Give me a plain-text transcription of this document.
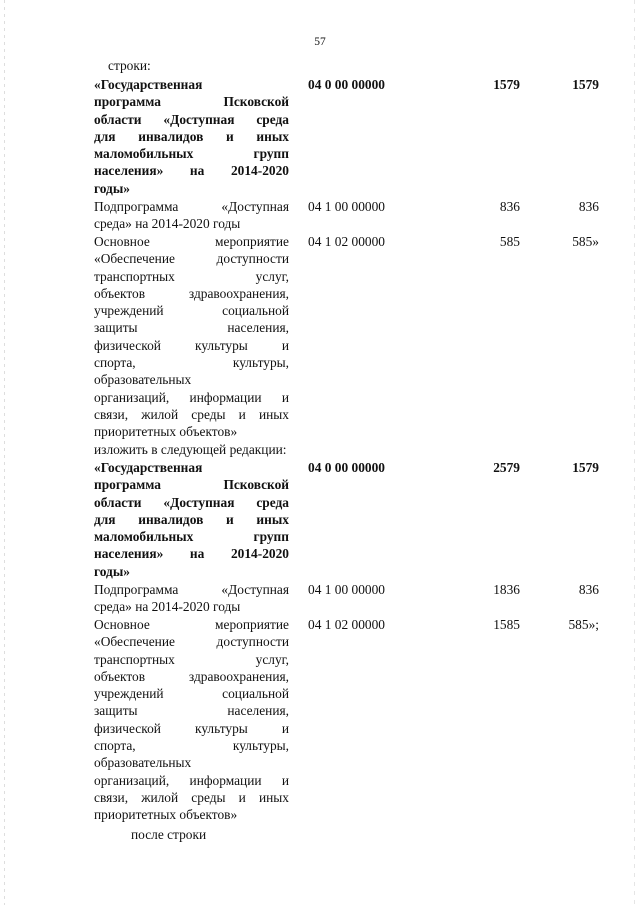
57
строки:
«Государственная
программа Псковской
области «Доступная среда
для инвалидов и иных
маломобильных групп
населения» на 2014-2020
годы»
04 0 00 00000	1579	1579
Подпрограмма «Доступная
среда» на 2014-2020 годы
04 1 00 00000	836	836
Основное мероприятие
«Обеспечение доступности
транспортных услуг,
объектов здравоохранения,
учреждений социальной
защиты населения,
физической культуры и
спорта, культуры,
образовательных
организаций, информации и
связи, жилой среды и иных
приоритетных объектов»
04 1 02 00000	585	585»
изложить в следующей редакции:
«Государственная
программа Псковской
области «Доступная среда
для инвалидов и иных
маломобильных групп
населения» на 2014-2020
годы»
04 0 00 00000	2579	1579
Подпрограмма «Доступная
среда» на 2014-2020 годы
04 1 00 00000	1836	836
Основное мероприятие
«Обеспечение доступности
транспортных услуг,
объектов здравоохранения,
учреждений социальной
защиты населения,
физической культуры и
спорта, культуры,
образовательных
организаций, информации и
связи, жилой среды и иных
приоритетных объектов»
04 1 02 00000	1585	585»;
после строки
